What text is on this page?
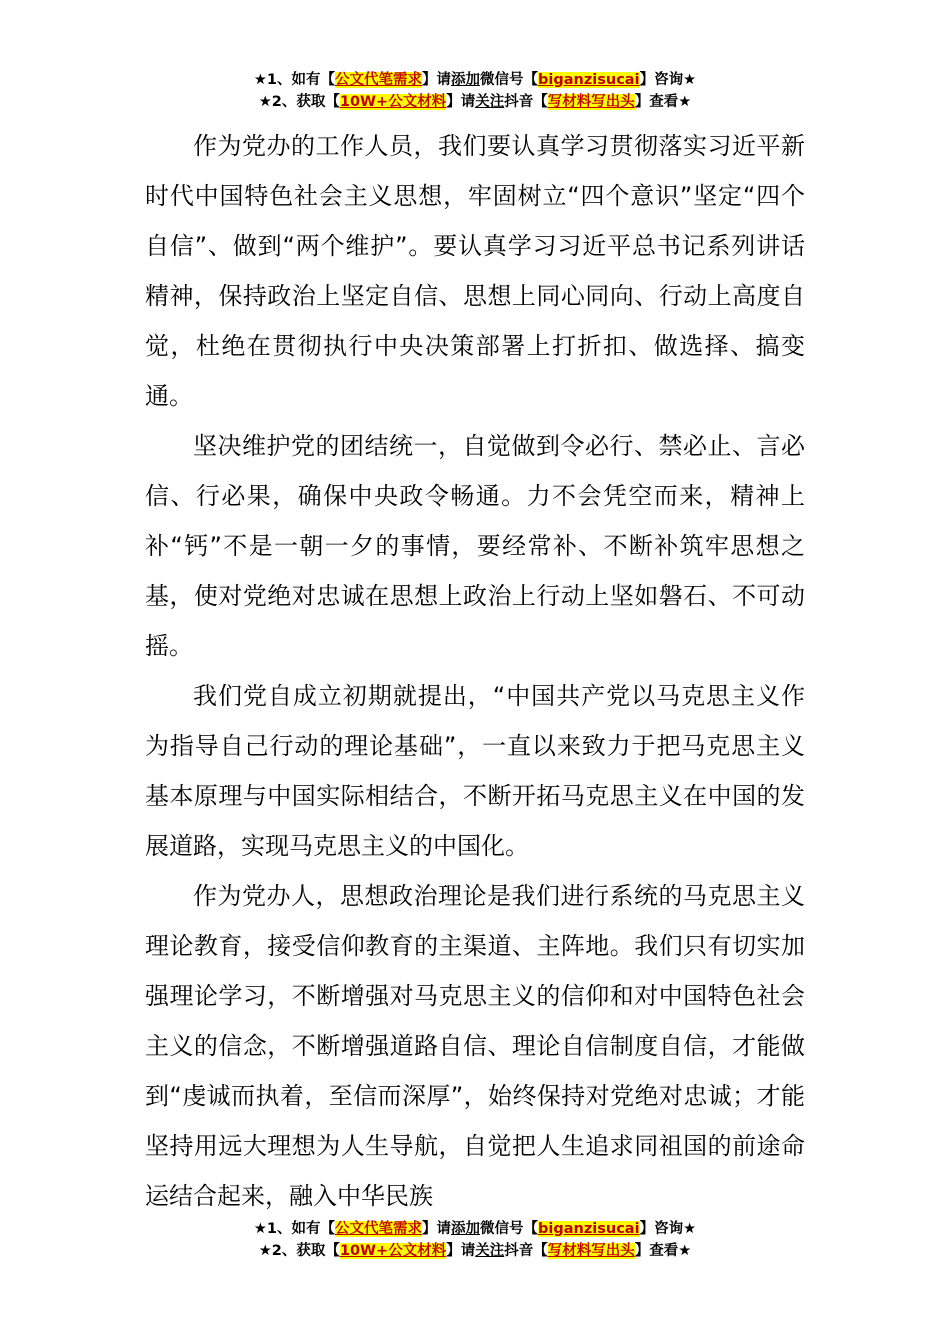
★1、如有【公文代笔需求】请添加微信号【biganzisucai】咨询★
★2、获取【10W+公文材料】请关注抖音【写材料写出头】查看★

作为党办的工作人员，我们要认真学习贯彻落实习近平新时代中国特色社会主义思想，牢固树立“四个意识”坚定“四个自信”、做到“两个维护”。要认真学习习近平总书记系列讲话精神，保持政治上坚定自信、思想上同心同向、行动上高度自觉，杜绝在贯彻执行中央决策部署上打折扣、做选择、搞变通。

坚决维护党的团结统一，自觉做到令必行、禁必止、言必信、行必果，确保中央政令畅通。力不会凭空而来，精神上补“钙”不是一朝一夕的事情，要经常补、不断补筑牢思想之基，使对党绝对忠诚在思想上政治上行动上坚如磐石、不可动摇。

我们党自成立初期就提出，“中国共产党以马克思主义作为指导自己行动的理论基础”，一直以来致力于把马克思主义基本原理与中国实际相结合，不断开拓马克思主义在中国的发展道路，实现马克思主义的中国化。

作为党办人，思想政治理论是我们进行系统的马克思主义理论教育，接受信仰教育的主渠道、主阵地。我们只有切实加强理论学习，不断增强对马克思主义的信仰和对中国特色社会主义的信念，不断增强道路自信、理论自信制度自信，才能做到“虔诚而执着，至信而深厚”，始终保持对党绝对忠诚；才能坚持用远大理想为人生导航，自觉把人生追求同祖国的前途命运结合起来，融入中华民族

★1、如有【公文代笔需求】请添加微信号【biganzisucai】咨询★
★2、获取【10W+公文材料】请关注抖音【写材料写出头】查看★
